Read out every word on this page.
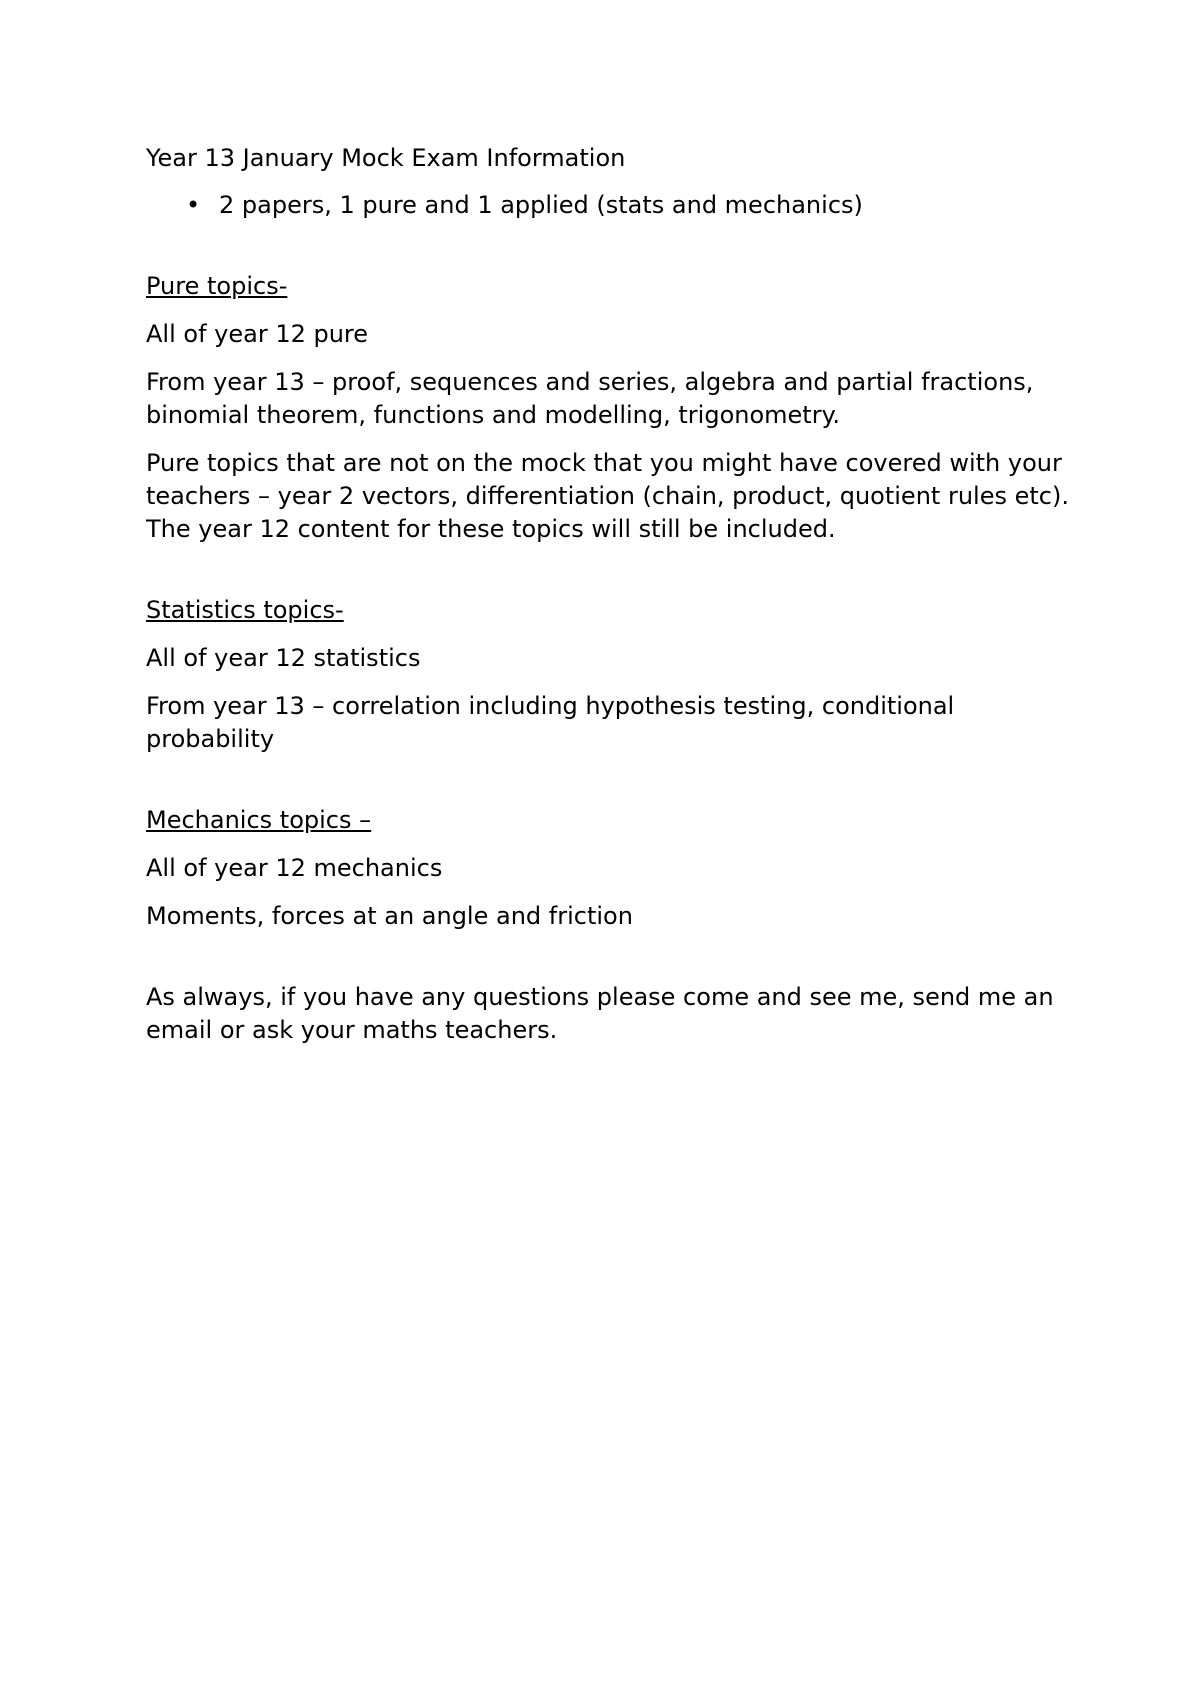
Year 13 January Mock Exam Information

• 2 papers, 1 pure and 1 applied (stats and mechanics)

Pure topics-

All of year 12 pure

From year 13 – proof, sequences and series, algebra and partial fractions, binomial theorem, functions and modelling, trigonometry.

Pure topics that are not on the mock that you might have covered with your teachers – year 2 vectors, differentiation (chain, product, quotient rules etc). The year 12 content for these topics will still be included.

Statistics topics-

All of year 12 statistics

From year 13 – correlation including hypothesis testing, conditional probability

Mechanics topics –

All of year 12 mechanics

Moments, forces at an angle and friction

As always, if you have any questions please come and see me, send me an email or ask your maths teachers.
